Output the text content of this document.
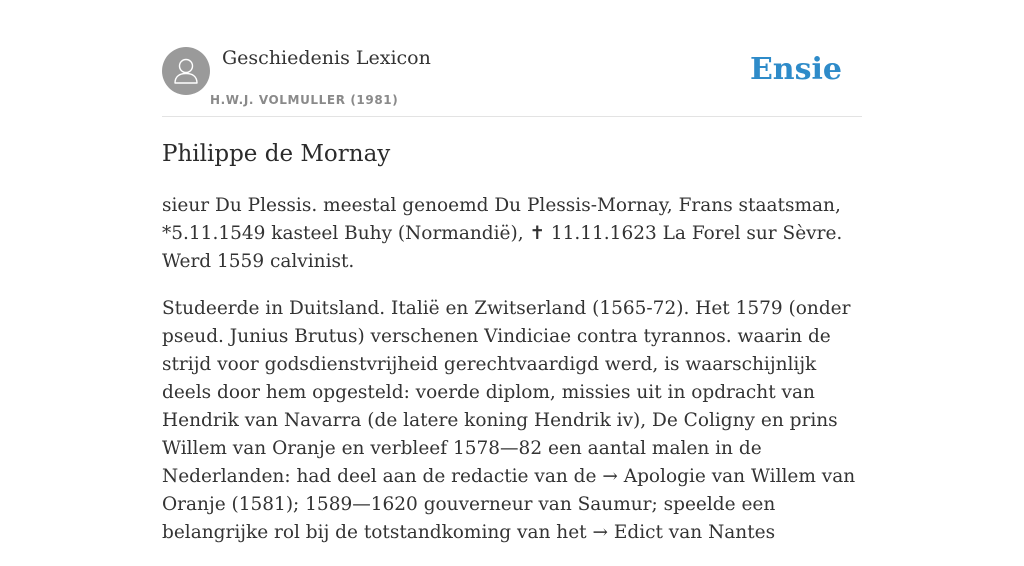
Geschiedenis Lexicon
H.W.J. VOLMULLER (1981)
Ensie
Philippe de Mornay

sieur Du Plessis. meestal genoemd Du Plessis-Mornay, Frans staatsman, *5.11.1549 kasteel Buhy (Normandië), ✝ 11.11.1623 La Forel sur Sèvre. Werd 1559 calvinist.

Studeerde in Duitsland. Italië en Zwitserland (1565-72). Het 1579 (onder pseud. Junius Brutus) verschenen Vindiciae contra tyrannos. waarin de strijd voor godsdienstvrijheid gerechtvaardigd werd, is waarschijnlijk deels door hem opgesteld: voerde diplom, missies uit in opdracht van Hendrik van Navarra (de latere koning Hendrik iv), De Coligny en prins Willem van Oranje en verbleef 1578—82 een aantal malen in de Nederlanden: had deel aan de redactie van de → Apologie van Willem van Oranje (1581); 1589—1620 gouverneur van Saumur; speelde een belangrijke rol bij de totstandkoming van het → Edict van Nantes
